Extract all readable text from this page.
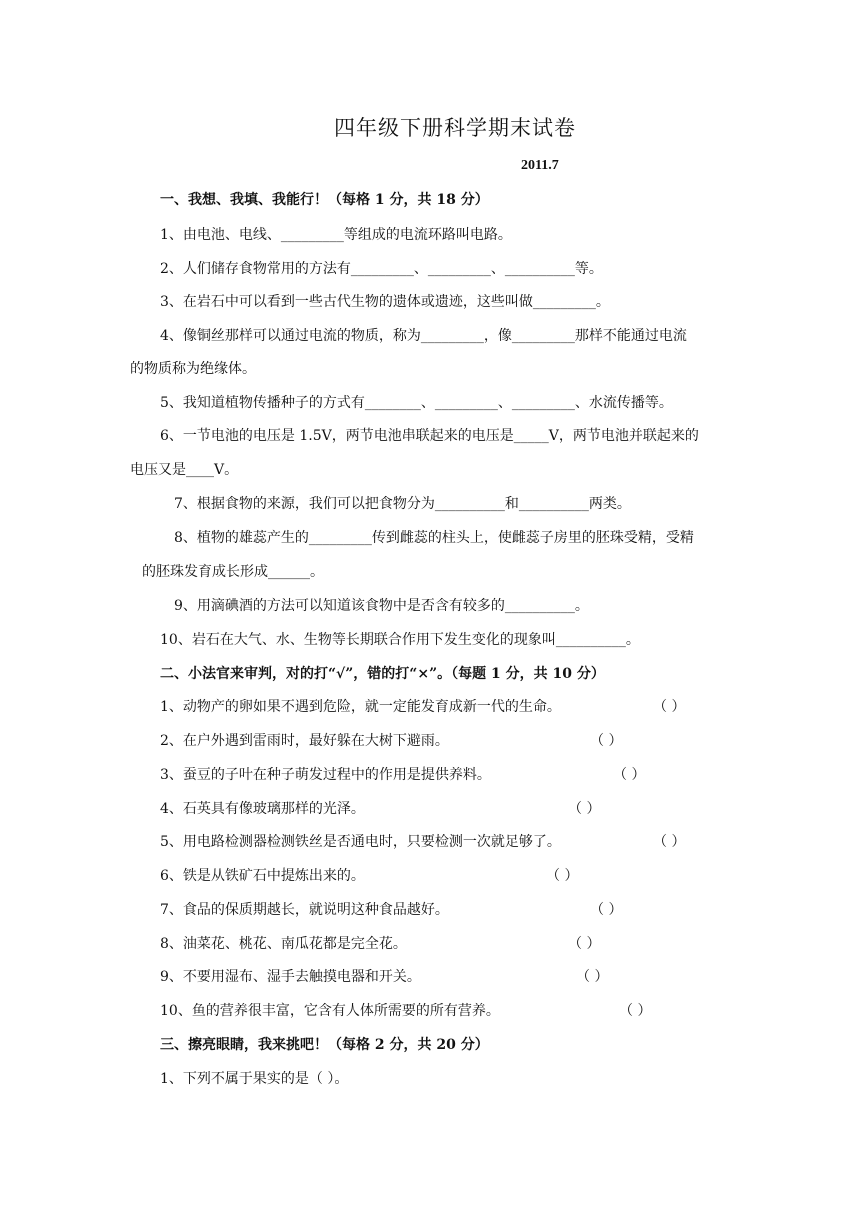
四年级下册科学期末试卷
2011.7
一、我想、我填、我能行！（每格 1 分，共 18 分）
1、由电池、电线、_________等组成的电流环路叫电路。
2、人们储存食物常用的方法有_________、_________、__________等。
3、在岩石中可以看到一些古代生物的遗体或遗迹，这些叫做_________。
4、像铜丝那样可以通过电流的物质，称为_________，像_________那样不能通过电流
的物质称为绝缘体。
5、我知道植物传播种子的方式有________、_________、_________、水流传播等。
6、一节电池的电压是 1.5V，两节电池串联起来的电压是_____V，两节电池并联起来的
电压又是____V。
7、根据食物的来源，我们可以把食物分为__________和__________两类。
8、植物的雄蕊产生的_________传到雌蕊的柱头上，使雌蕊子房里的胚珠受精，受精
的胚珠发育成长形成______。
9、用滴碘酒的方法可以知道该食物中是否含有较多的__________。
10、岩石在大气、水、生物等长期联合作用下发生变化的现象叫__________。
二、小法官来审判，对的打“√”，错的打“×”。（每题 1 分，共 10 分）
1、动物产的卵如果不遇到危险，就一定能发育成新一代的生命。	（ ）
2、在户外遇到雷雨时，最好躲在大树下避雨。	（ ）
3、蚕豆的子叶在种子萌发过程中的作用是提供养料。	（ ）
4、石英具有像玻璃那样的光泽。	（ ）
5、用电路检测器检测铁丝是否通电时，只要检测一次就足够了。	（ ）
6、铁是从铁矿石中提炼出来的。	（ ）
7、食品的保质期越长，就说明这种食品越好。	（ ）
8、油菜花、桃花、南瓜花都是完全花。	（ ）
9、不要用湿布、湿手去触摸电器和开关。	（ ）
10、鱼的营养很丰富，它含有人体所需要的所有营养。	（ ）
三、擦亮眼睛，我来挑吧！（每格 2 分，共 20 分）
1、下列不属于果实的是（ ）。
